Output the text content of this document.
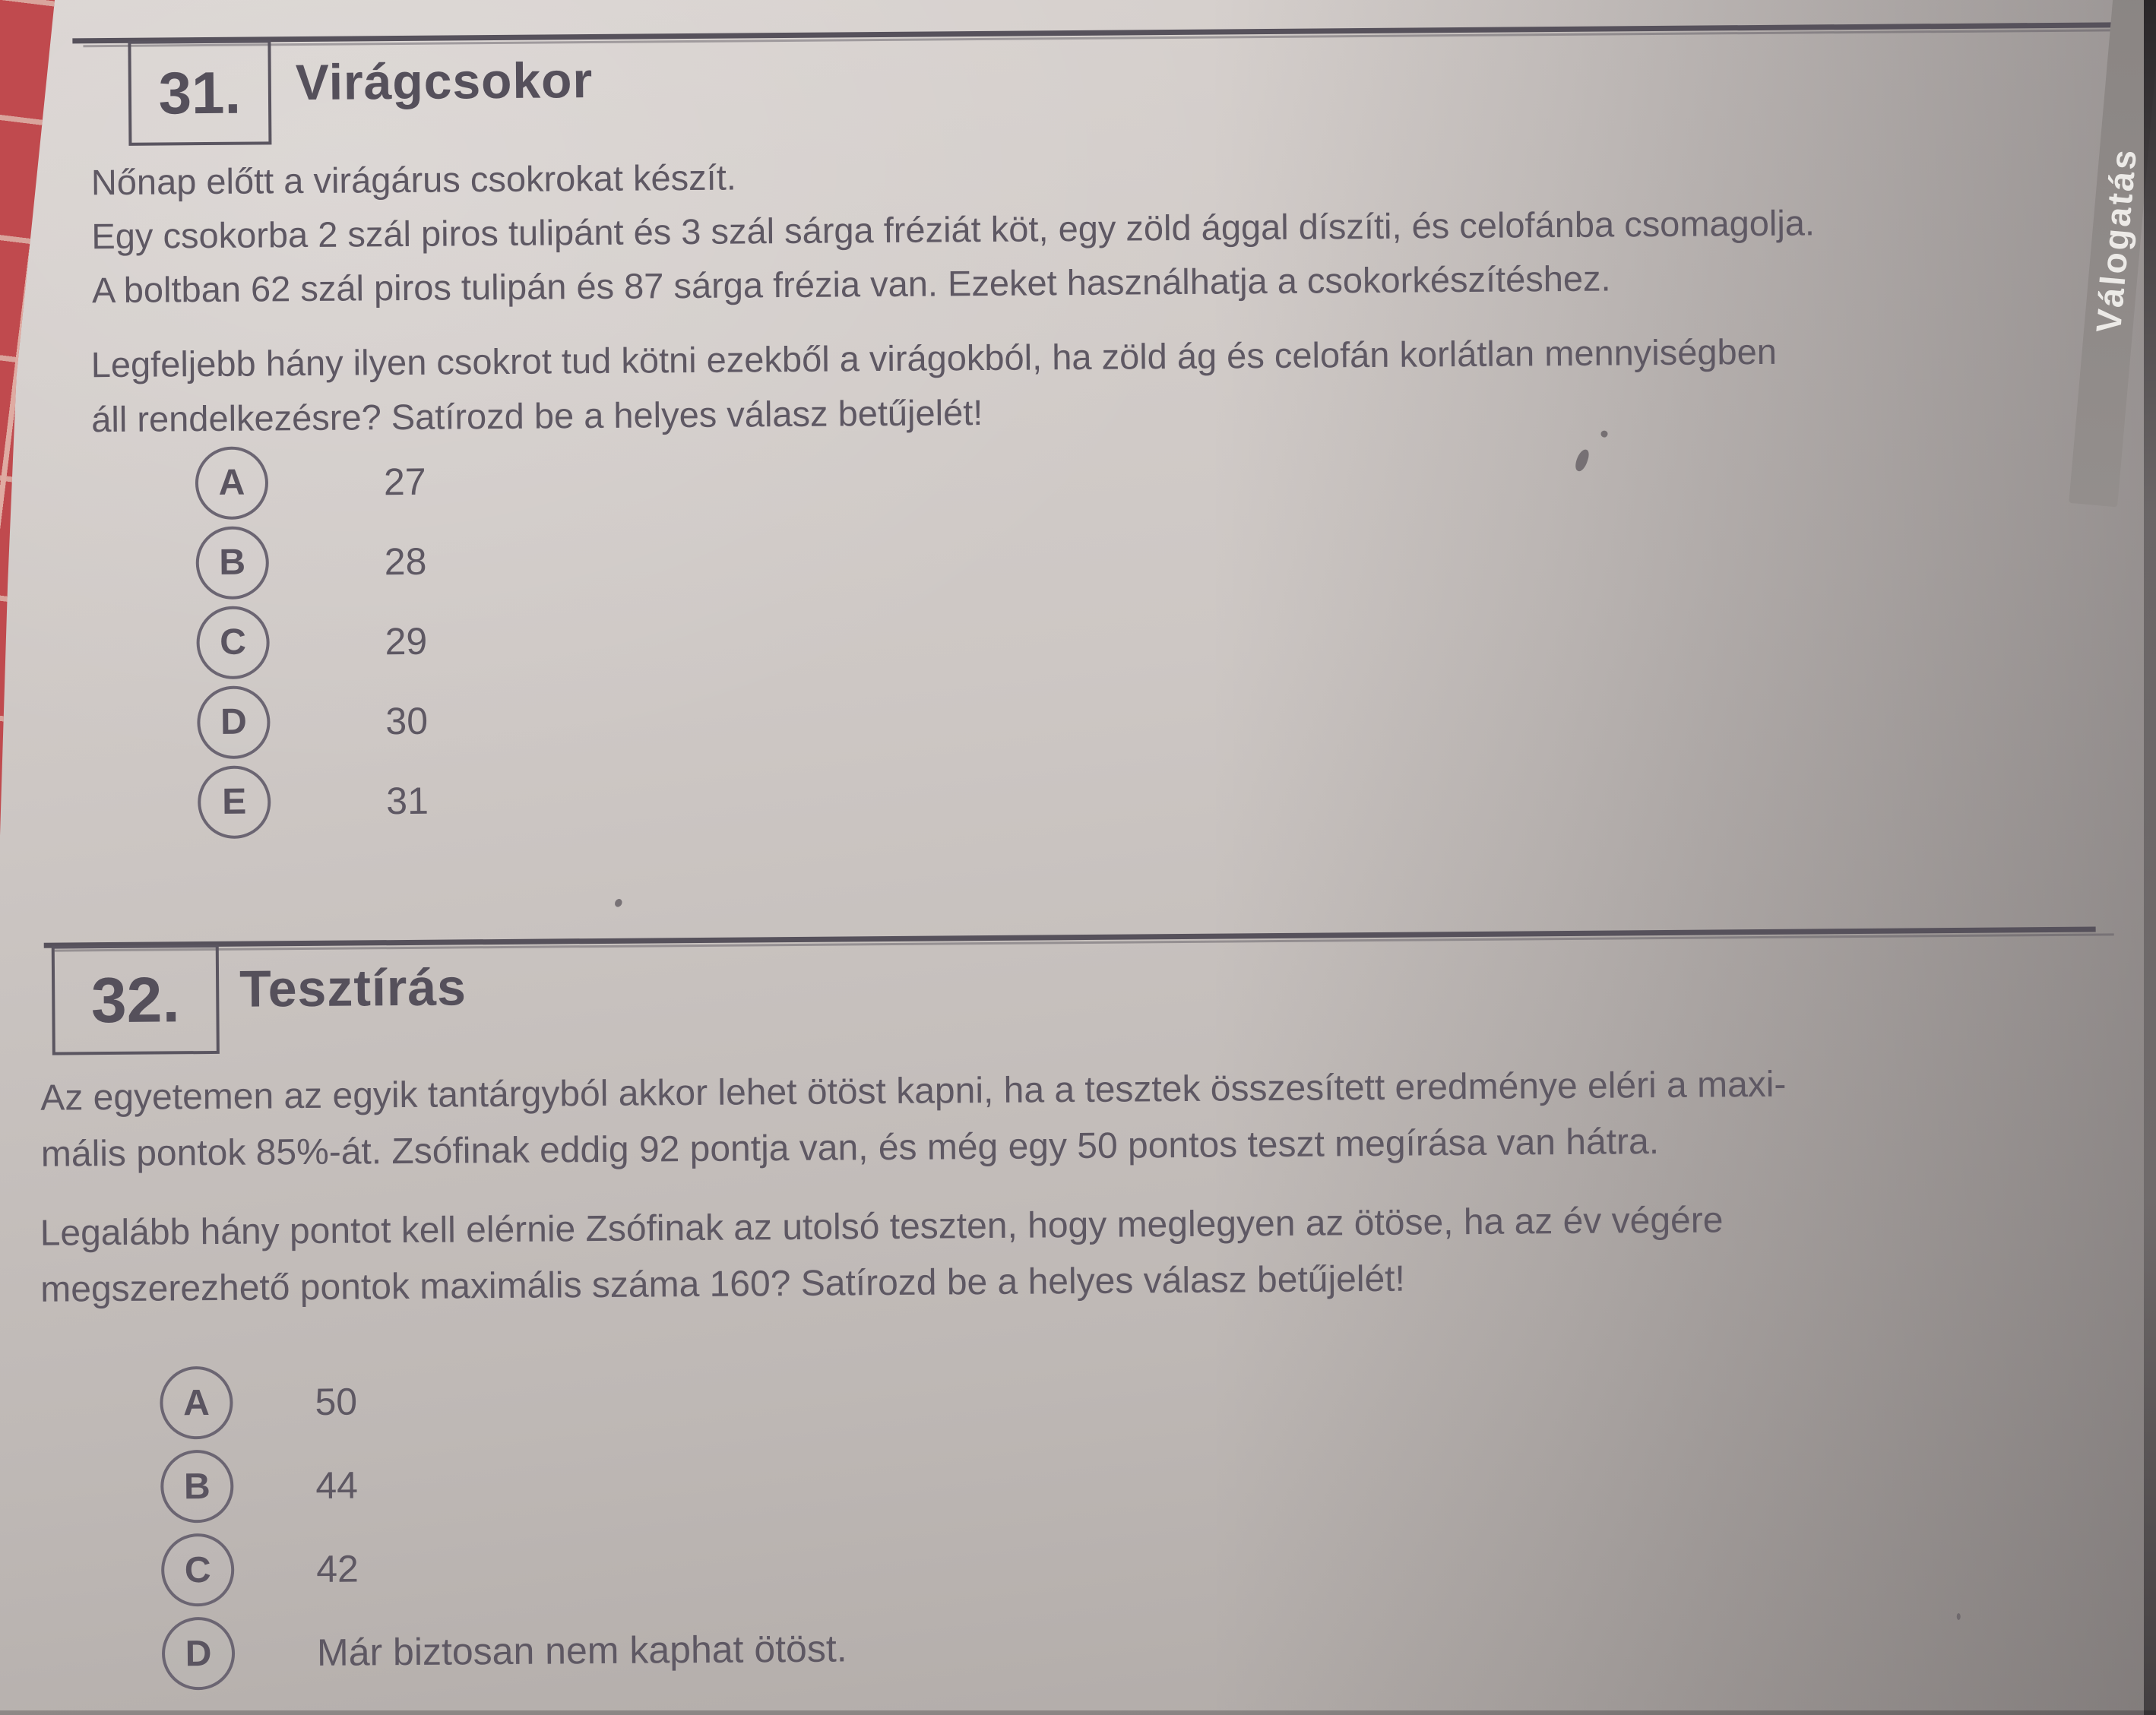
31. Virágcsokor
Nőnap előtt a virágárus csokrokat készít.
Egy csokorba 2 szál piros tulipánt és 3 szál sárga fréziát köt, egy zöld ággal díszíti, és celofánba csomagolja.
A boltban 62 szál piros tulipán és 87 sárga frézia van. Ezeket használhatja a csokorkészítéshez.
Legfeljebb hány ilyen csokrot tud kötni ezekből a virágokból, ha zöld ág és celofán korlátlan mennyiségben
áll rendelkezésre? Satírozd be a helyes válasz betűjelét!
A	27
B	28
C	29
D	30
E	31
32. Tesztírás
Az egyetemen az egyik tantárgyból akkor lehet ötöst kapni, ha a tesztek összesített eredménye eléri a maxi-
mális pontok 85%-át. Zsófinak eddig 92 pontja van, és még egy 50 pontos teszt megírása van hátra.
Legalább hány pontot kell elérnie Zsófinak az utolsó teszten, hogy meglegyen az ötöse, ha az év végére
megszerezhető pontok maximális száma 160? Satírozd be a helyes válasz betűjelét!
A	50
B	44
C	42
D	Már biztosan nem kaphat ötöst.
Válogatás
